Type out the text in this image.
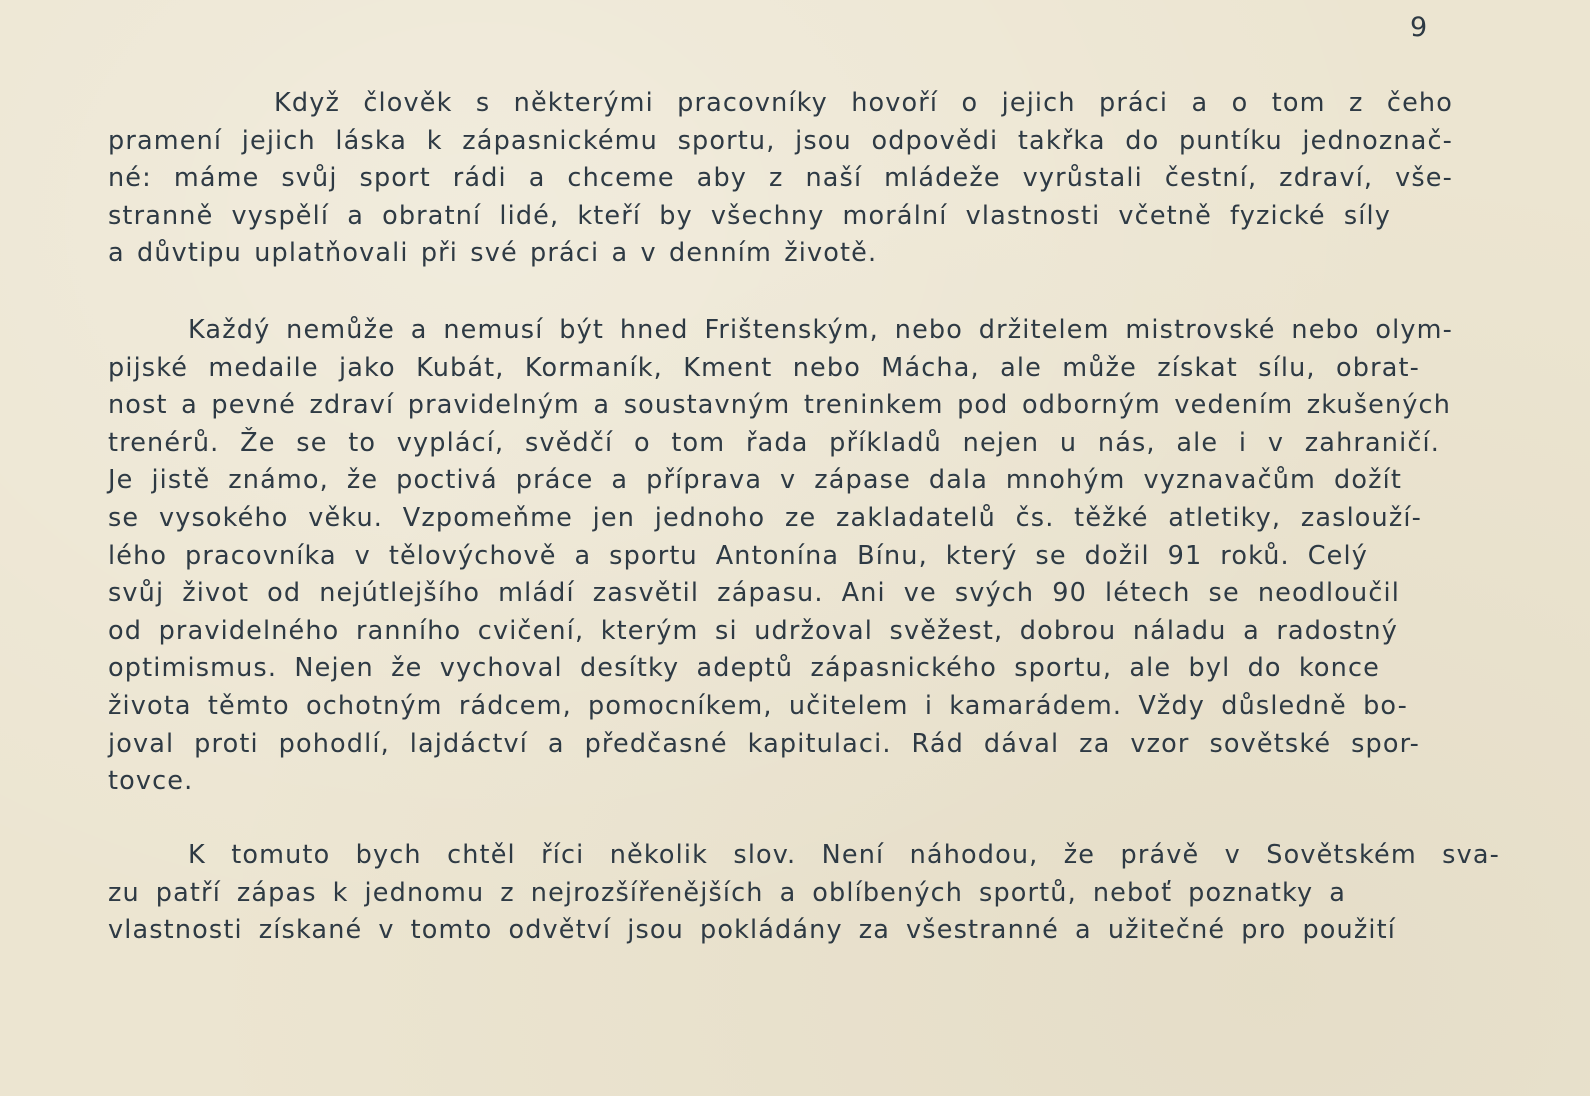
9
Když člověk s některými pracovníky hovoří o jejich práci a o tom z čeho
pramení jejich láska k zápasnickému sportu, jsou odpovědi takřka do puntíku jednoznač-
né: máme svůj sport rádi a chceme aby z naší mládeže vyrůstali čestní, zdraví, vše-
stranně vyspělí a obratní lidé, kteří by všechny morální vlastnosti včetně fyzické síly
a důvtipu uplatňovali při své práci a v denním životě.
Každý nemůže a nemusí být hned Frištenským, nebo držitelem mistrovské nebo olym-
pijské medaile jako Kubát, Kormaník, Kment nebo Mácha, ale může získat sílu, obrat-
nost a pevné zdraví pravidelným a soustavným treninkem pod odborným vedením zkušených
trenérů. Že se to vyplácí, svědčí o tom řada příkladů nejen u nás, ale i v zahraničí.
Je jistě známo, že poctivá práce a příprava v zápase dala mnohým vyznavačům dožít
se vysokého věku. Vzpomeňme jen jednoho ze zakladatelů čs. těžké atletiky, zaslouží-
lého pracovníka v tělovýchově a sportu Antonína Bínu, který se dožil 91 roků. Celý
svůj život od nejútlejšího mládí zasvětil zápasu. Ani ve svých 90 létech se neodloučil
od pravidelného ranního cvičení, kterým si udržoval svěžest, dobrou náladu a radostný
optimismus. Nejen že vychoval desítky adeptů zápasnického sportu, ale byl do konce
života těmto ochotným rádcem, pomocníkem, učitelem i kamarádem. Vždy důsledně bo-
joval proti pohodlí, lajdáctví a předčasné kapitulaci. Rád dával za vzor sovětské spor-
tovce.
K tomuto bych chtěl říci několik slov. Není náhodou, že právě v Sovětském sva-
zu patří zápas k jednomu z nejrozšířenějších a oblíbených sportů, neboť poznatky a
vlastnosti získané v tomto odvětví jsou pokládány za všestranné a užitečné pro použití
